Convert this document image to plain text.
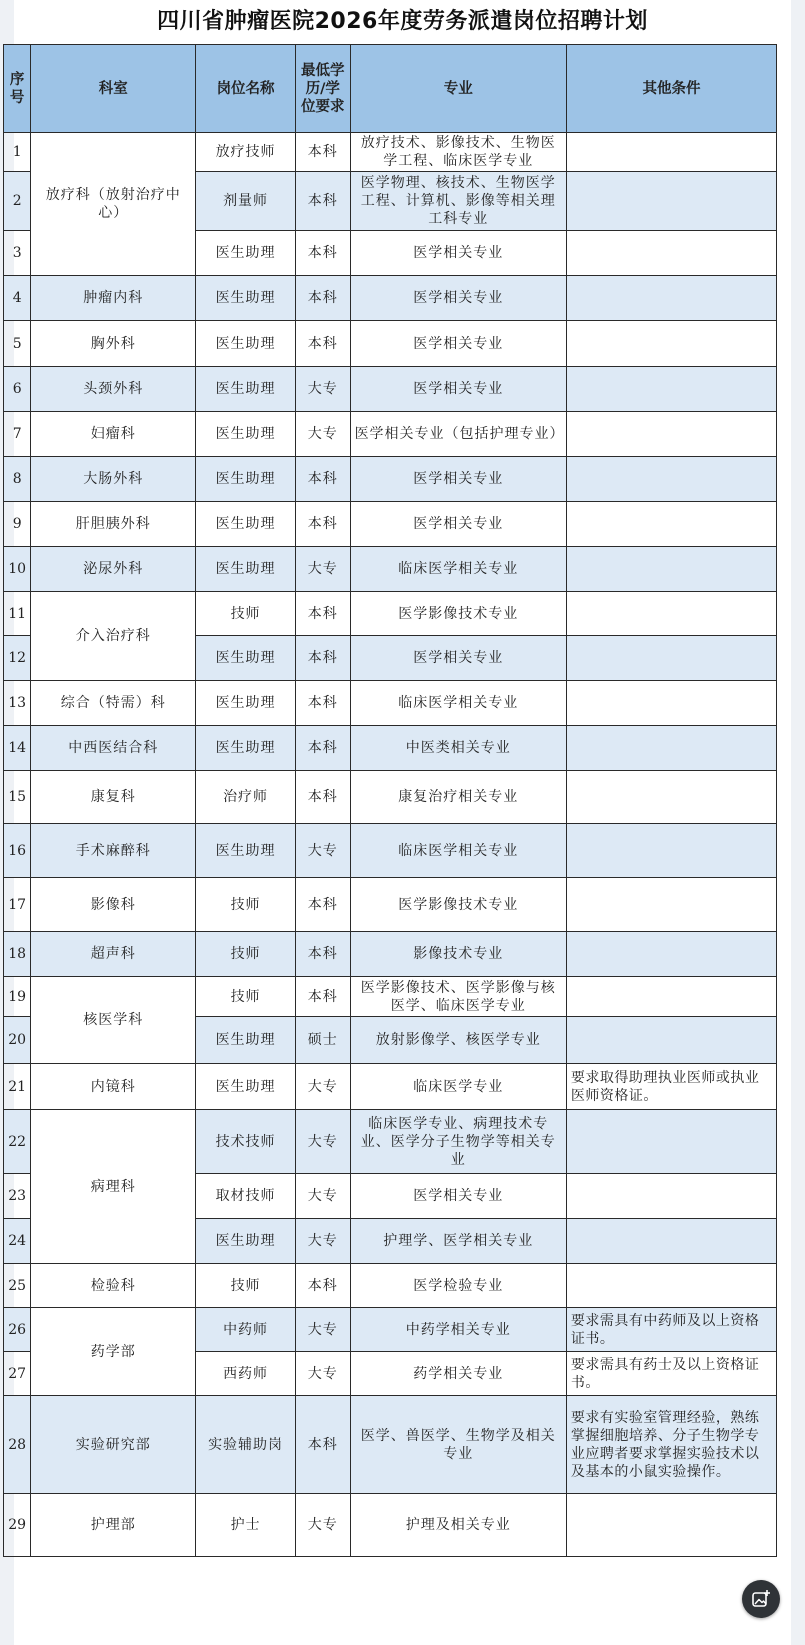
四川省肿瘤医院2026年度劳务派遣岗位招聘计划
序号	科室	岗位名称	最低学历/学位要求	专业	其他条件
1	放疗科（放射治疗中心）	放疗技师	本科	放疗技术、影像技术、生物医学工程、临床医学专业	
2		剂量师	本科	医学物理、核技术、生物医学工程、计算机、影像等相关理工科专业	
3		医生助理	本科	医学相关专业	
4	肿瘤内科	医生助理	本科	医学相关专业	
5	胸外科	医生助理	本科	医学相关专业	
6	头颈外科	医生助理	大专	医学相关专业	
7	妇瘤科	医生助理	大专	医学相关专业（包括护理专业）	
8	大肠外科	医生助理	本科	医学相关专业	
9	肝胆胰外科	医生助理	本科	医学相关专业	
10	泌尿外科	医生助理	大专	临床医学相关专业	
11	介入治疗科	技师	本科	医学影像技术专业	
12		医生助理	本科	医学相关专业	
13	综合（特需）科	医生助理	本科	临床医学相关专业	
14	中西医结合科	医生助理	本科	中医类相关专业	
15	康复科	治疗师	本科	康复治疗相关专业	
16	手术麻醉科	医生助理	大专	临床医学相关专业	
17	影像科	技师	本科	医学影像技术专业	
18	超声科	技师	本科	影像技术专业	
19	核医学科	技师	本科	医学影像技术、医学影像与核医学、临床医学专业	
20		医生助理	硕士	放射影像学、核医学专业	
21	内镜科	医生助理	大专	临床医学专业	要求取得助理执业医师或执业医师资格证。
22	病理科	技术技师	大专	临床医学专业、病理技术专业、医学分子生物学等相关专业	
23		取材技师	大专	医学相关专业	
24		医生助理	大专	护理学、医学相关专业	
25	检验科	技师	本科	医学检验专业	
26	药学部	中药师	大专	中药学相关专业	要求需具有中药师及以上资格证书。
27		西药师	大专	药学相关专业	要求需具有药士及以上资格证书。
28	实验研究部	实验辅助岗	本科	医学、兽医学、生物学及相关专业	要求有实验室管理经验，熟练掌握细胞培养、分子生物学专业应聘者要求掌握实验技术以及基本的小鼠实验操作。
29	护理部	护士	大专	护理及相关专业	
